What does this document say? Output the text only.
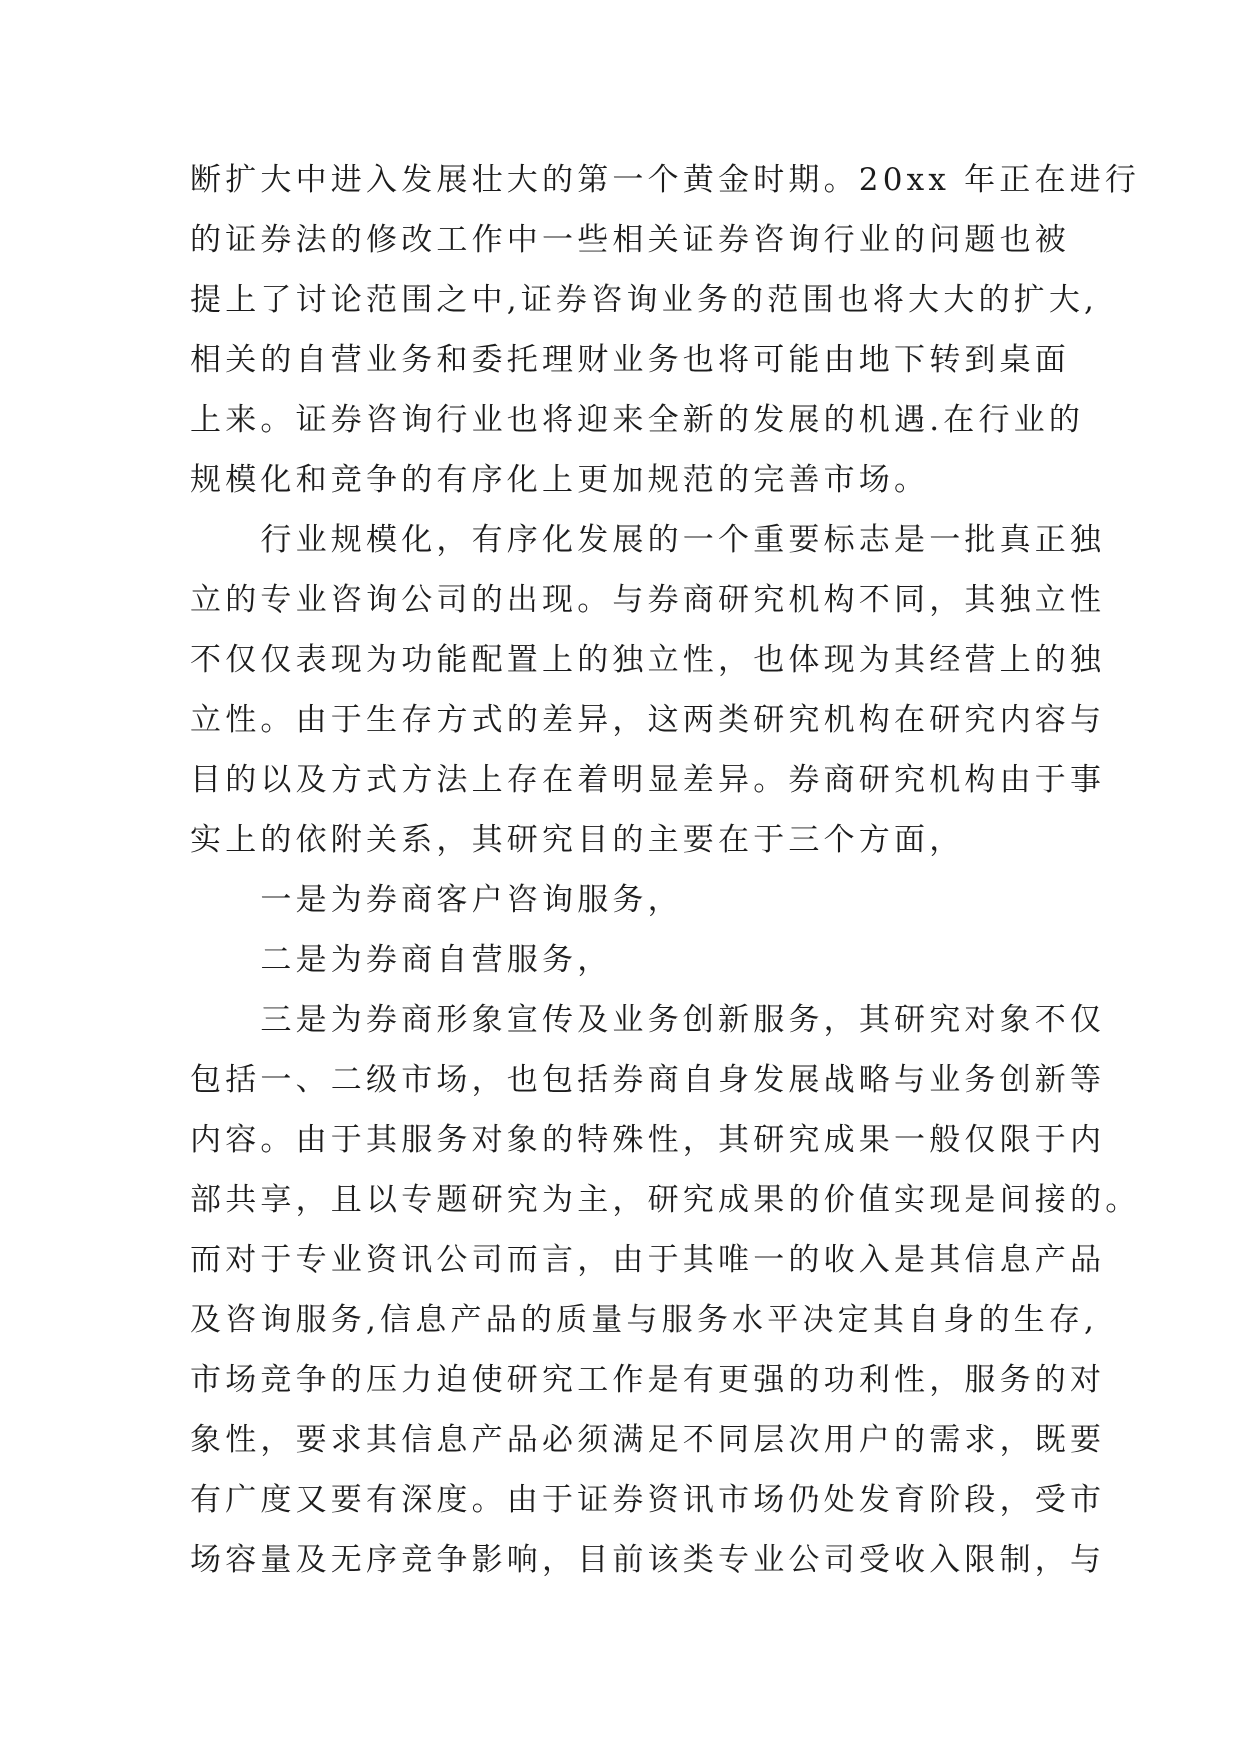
断扩大中进入发展壮大的第一个黄金时期。20xx 年正在进行
的证券法的修改工作中一些相关证券咨询行业的问题也被
提上了讨论范围之中,证券咨询业务的范围也将大大的扩大,
相关的自营业务和委托理财业务也将可能由地下转到桌面
上来。证券咨询行业也将迎来全新的发展的机遇.在行业的
规模化和竞争的有序化上更加规范的完善市场。
　　行业规模化，有序化发展的一个重要标志是一批真正独
立的专业咨询公司的出现。与券商研究机构不同，其独立性
不仅仅表现为功能配置上的独立性，也体现为其经营上的独
立性。由于生存方式的差异，这两类研究机构在研究内容与
目的以及方式方法上存在着明显差异。券商研究机构由于事
实上的依附关系，其研究目的主要在于三个方面，
　　一是为券商客户咨询服务，
　　二是为券商自营服务，
　　三是为券商形象宣传及业务创新服务，其研究对象不仅
包括一、二级市场，也包括券商自身发展战略与业务创新等
内容。由于其服务对象的特殊性，其研究成果一般仅限于内
部共享，且以专题研究为主，研究成果的价值实现是间接的。
而对于专业资讯公司而言，由于其唯一的收入是其信息产品
及咨询服务,信息产品的质量与服务水平决定其自身的生存,
市场竞争的压力迫使研究工作是有更强的功利性，服务的对
象性，要求其信息产品必须满足不同层次用户的需求，既要
有广度又要有深度。由于证券资讯市场仍处发育阶段，受市
场容量及无序竞争影响，目前该类专业公司受收入限制，与
